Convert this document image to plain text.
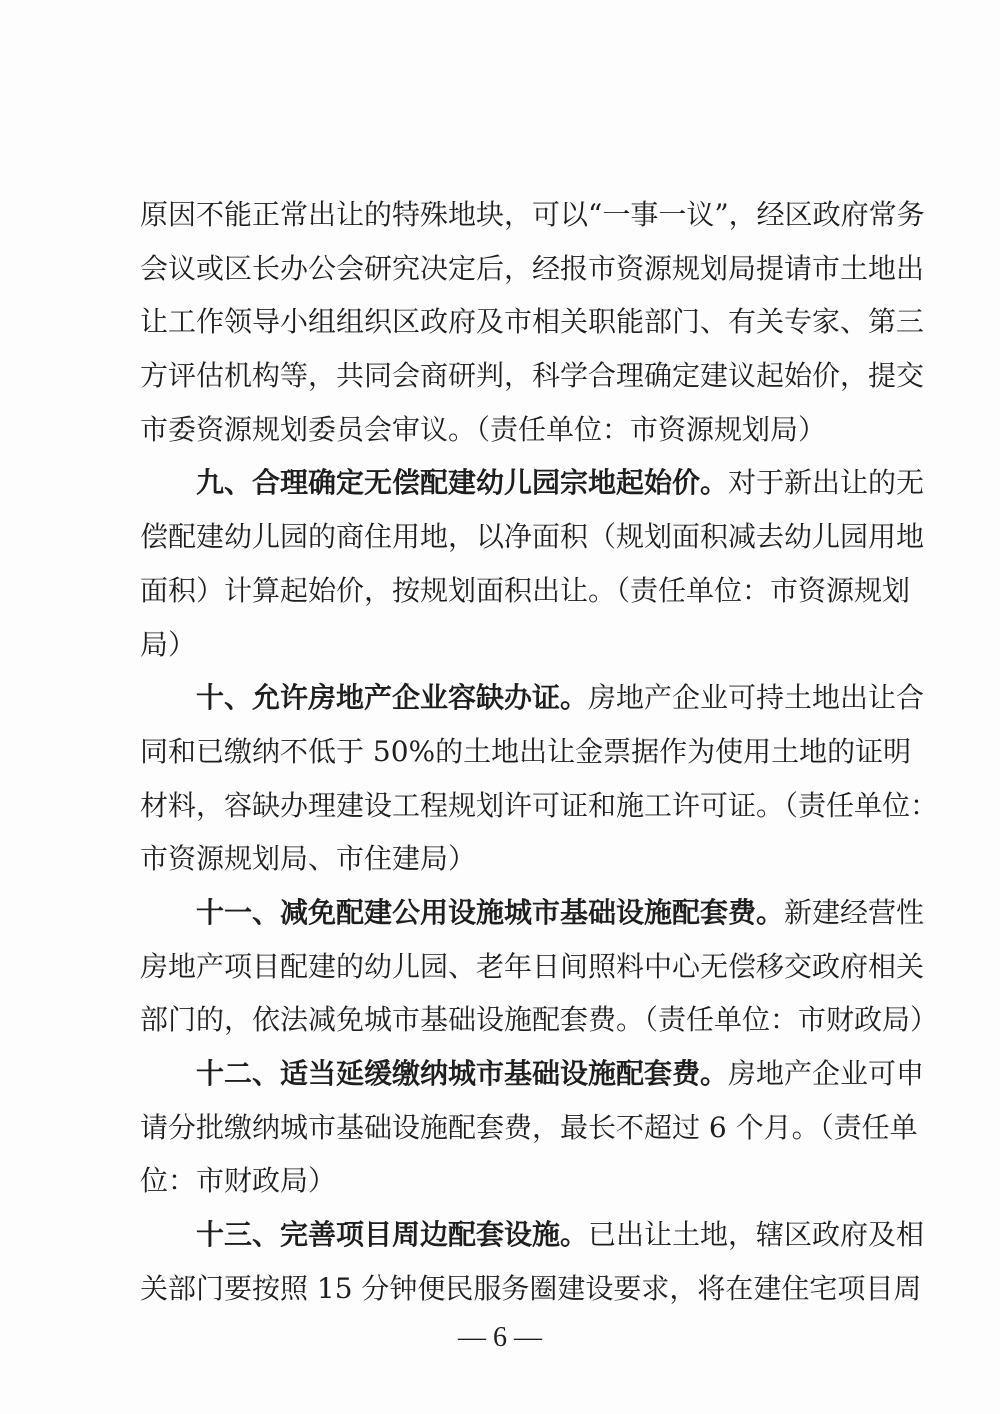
原因不能正常出让的特殊地块，可以“一事一议”，经区政府常务
会议或区长办公会研究决定后，经报市资源规划局提请市土地出
让工作领导小组组织区政府及市相关职能部门、有关专家、第三
方评估机构等，共同会商研判，科学合理确定建议起始价，提交
市委资源规划委员会审议。（责任单位：市资源规划局）
九、合理确定无偿配建幼儿园宗地起始价。对于新出让的无
偿配建幼儿园的商住用地，以净面积（规划面积减去幼儿园用地
面积）计算起始价，按规划面积出让。（责任单位：市资源规划
局）
十、允许房地产企业容缺办证。房地产企业可持土地出让合
同和已缴纳不低于 50%的土地出让金票据作为使用土地的证明
材料，容缺办理建设工程规划许可证和施工许可证。（责任单位：
市资源规划局、市住建局）
十一、减免配建公用设施城市基础设施配套费。新建经营性
房地产项目配建的幼儿园、老年日间照料中心无偿移交政府相关
部门的，依法减免城市基础设施配套费。（责任单位：市财政局）
十二、适当延缓缴纳城市基础设施配套费。房地产企业可申
请分批缴纳城市基础设施配套费，最长不超过 6 个月。（责任单
位：市财政局）
十三、完善项目周边配套设施。已出让土地，辖区政府及相
关部门要按照 15 分钟便民服务圈建设要求，将在建住宅项目周
— 6 —
